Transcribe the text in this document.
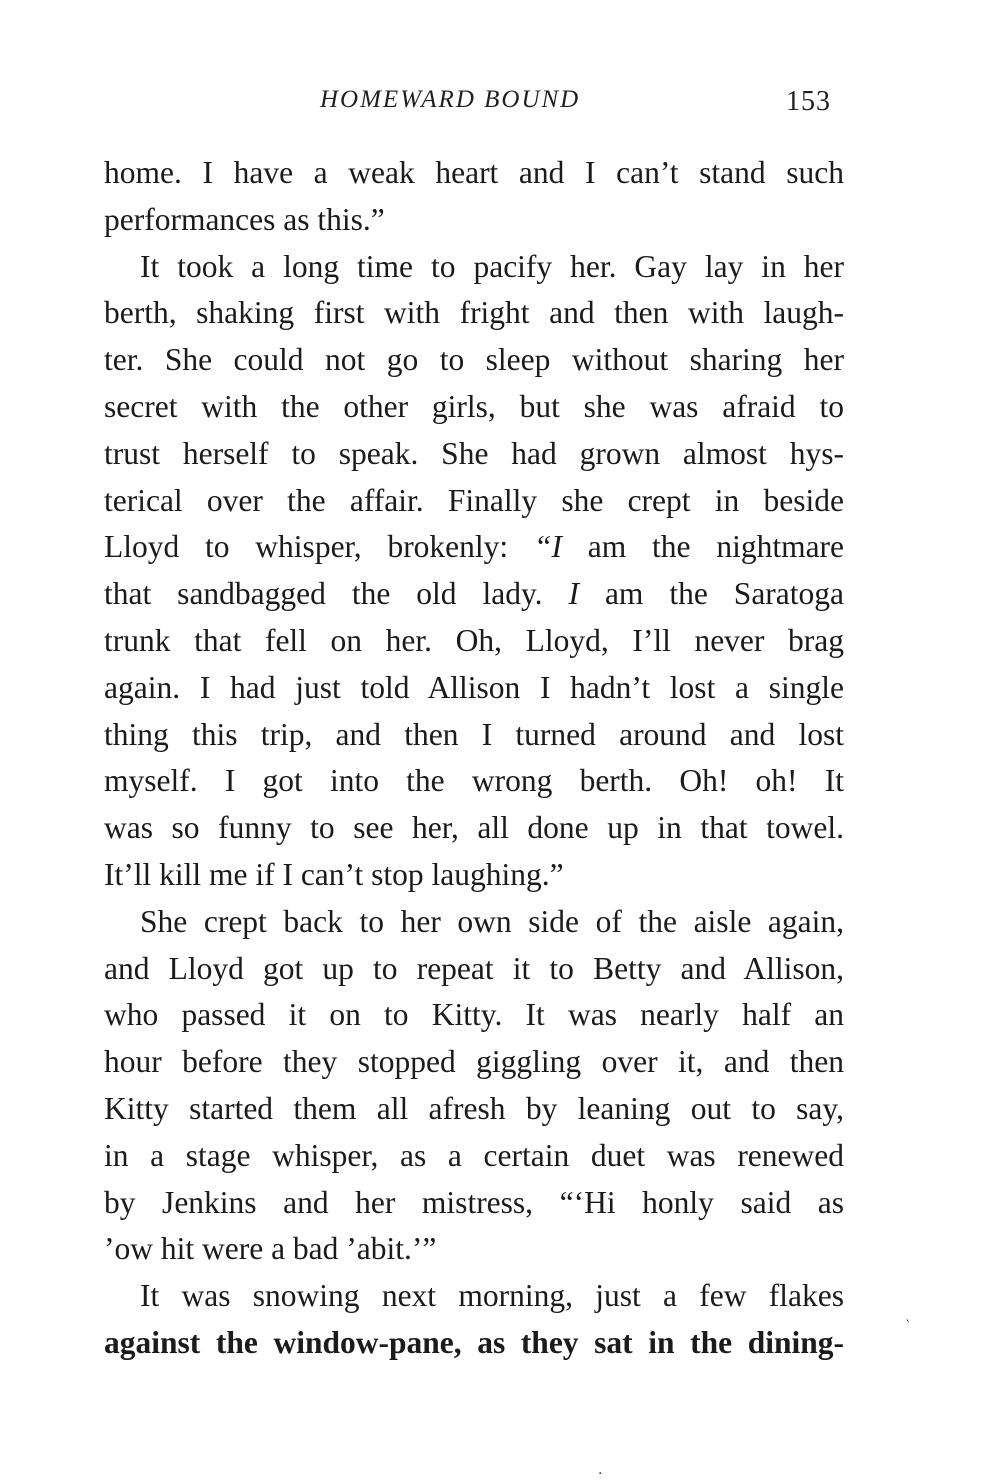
HOMEWARD BOUND	153
home. I have a weak heart and I can’t stand such
performances as this.”
It took a long time to pacify her. Gay lay in her
berth, shaking first with fright and then with laugh-
ter. She could not go to sleep without sharing her
secret with the other girls, but she was afraid to
trust herself to speak. She had grown almost hys-
terical over the affair. Finally she crept in beside
Lloyd to whisper, brokenly: “I am the nightmare
that sandbagged the old lady. I am the Saratoga
trunk that fell on her. Oh, Lloyd, I’ll never brag
again. I had just told Allison I hadn’t lost a single
thing this trip, and then I turned around and lost
myself. I got into the wrong berth. Oh! oh! It
was so funny to see her, all done up in that towel.
It’ll kill me if I can’t stop laughing.”
She crept back to her own side of the aisle again,
and Lloyd got up to repeat it to Betty and Allison,
who passed it on to Kitty. It was nearly half an
hour before they stopped giggling over it, and then
Kitty started them all afresh by leaning out to say,
in a stage whisper, as a certain duet was renewed
by Jenkins and her mistress, “‘Hi honly said as
’ow hit were a bad ’abit.’”
It was snowing next morning, just a few flakes
against the window-pane, as they sat in the dining-	‵
·
